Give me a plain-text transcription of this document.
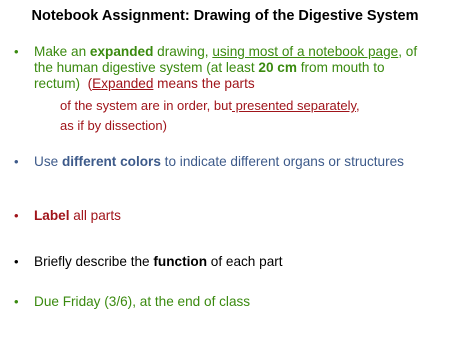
Notebook Assignment: Drawing of the Digestive System
• Make an expanded drawing, using most of a notebook page, of the human digestive system (at least 20 cm from mouth to rectum) (Expanded means the parts
of the system are in order, but presented separately,
as if by dissection)
• Use different colors to indicate different organs or structures
• Label all parts
• Briefly describe the function of each part
• Due Friday (3/6), at the end of class
